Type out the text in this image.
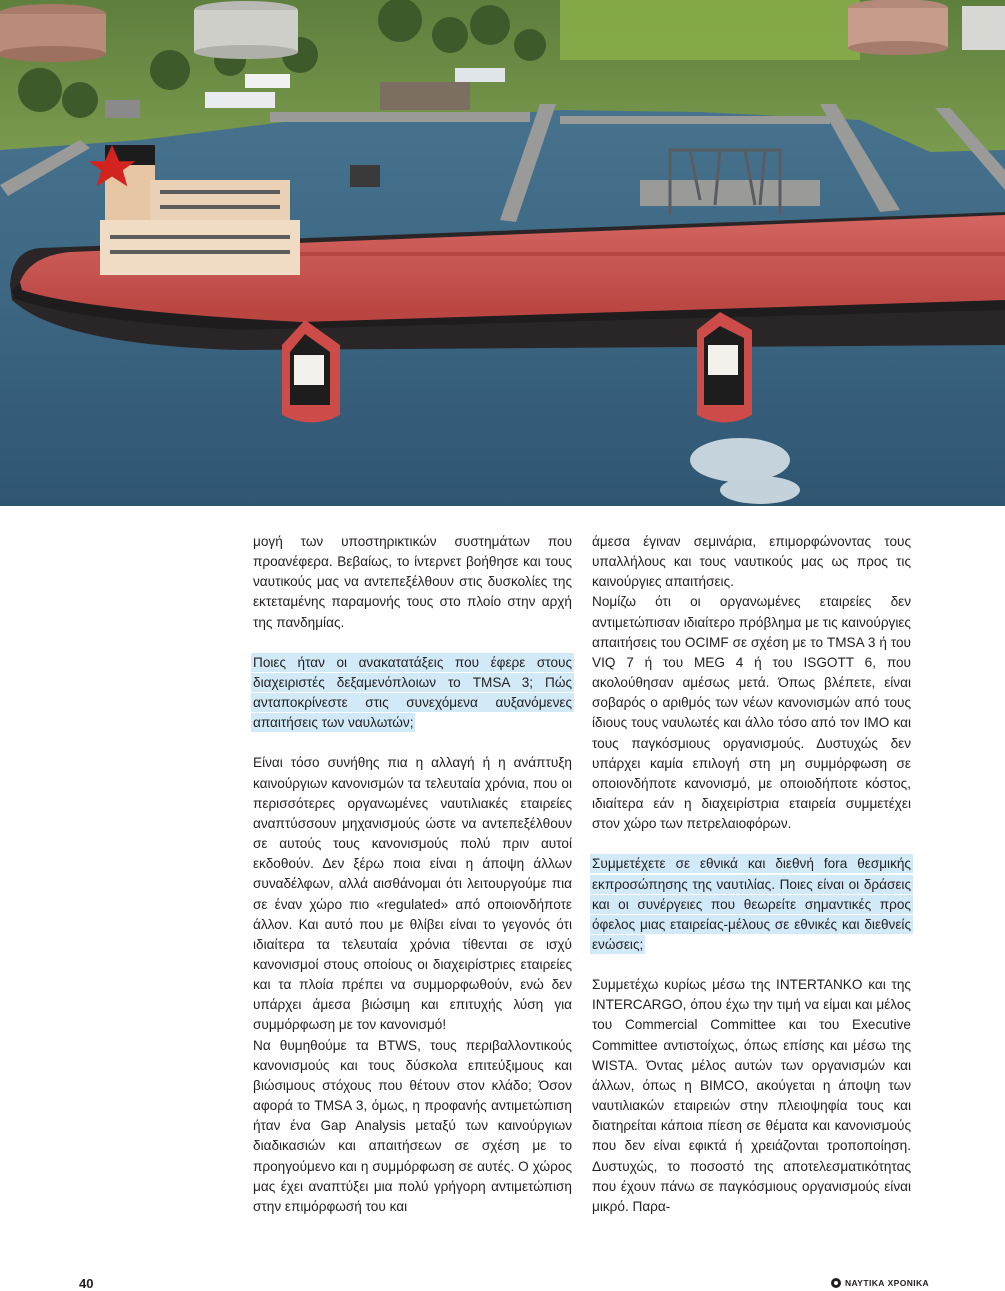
μογή των υποστηρικτικών συστημάτων που προανέφερα. Βεβαίως, το ίντερνετ βοήθησε και τους ναυτικούς μας να αντεπεξέλθουν στις δυσκολίες της εκτεταμένης παραμονής τους στο πλοίο στην αρχή της πανδημίας.

Ποιες ήταν οι ανακατατάξεις που έφερε στους διαχειριστές δεξαμενόπλοιων το TMSA 3; Πώς ανταποκρίνεστε στις συνεχόμενα αυξανόμενες απαιτήσεις των ναυλωτών;

Είναι τόσο συνήθης πια η αλλαγή ή η ανάπτυξη καινούργιων κανονισμών τα τελευταία χρόνια, που οι περισσότερες οργανωμένες ναυτιλιακές εταιρείες αναπτύσσουν μηχανισμούς ώστε να αντεπεξέλθουν σε αυτούς τους κανονισμούς πολύ πριν αυτοί εκδοθούν. Δεν ξέρω ποια είναι η άποψη άλλων συναδέλφων, αλλά αισθάνομαι ότι λειτουργούμε πια σε έναν χώρο πιο «regulated» από οποιονδήποτε άλλον. Και αυτό που με θλίβει είναι το γεγονός ότι ιδιαίτερα τα τελευταία χρόνια τίθενται σε ισχύ κανονισμοί στους οποίους οι διαχειρίστριες εταιρείες και τα πλοία πρέπει να συμμορφωθούν, ενώ δεν υπάρχει άμεσα βιώσιμη και επιτυχής λύση για συμμόρφωση με τον κανονισμό!

Να θυμηθούμε τα BTWS, τους περιβαλλοντικούς κανονισμούς και τους δύσκολα επιτεύξιμους και βιώσιμους στόχους που θέτουν στον κλάδο; Όσον αφορά το TMSA 3, όμως, η προφανής αντιμετώπιση ήταν ένα Gap Analysis μεταξύ των καινούργιων διαδικασιών και απαιτήσεων σε σχέση με το προηγούμενο και η συμμόρφωση σε αυτές. Ο χώρος μας έχει αναπτύξει μια πολύ γρήγορη αντιμετώπιση στην επιμόρφωσή του και

άμεσα έγιναν σεμινάρια, επιμορφώνοντας τους υπαλλήλους και τους ναυτικούς μας ως προς τις καινούργιες απαιτήσεις.

Νομίζω ότι οι οργανωμένες εταιρείες δεν αντιμετώπισαν ιδιαίτερο πρόβλημα με τις καινούργιες απαιτήσεις του OCIMF σε σχέση με το TMSA 3 ή του VIQ 7 ή του MEG 4 ή του ISGOTT 6, που ακολούθησαν αμέσως μετά. Όπως βλέπετε, είναι σοβαρός ο αριθμός των νέων κανονισμών από τους ίδιους τους ναυλωτές και άλλο τόσο από τον ΙΜΟ και τους παγκόσμιους οργανισμούς. Δυστυχώς δεν υπάρχει καμία επιλογή στη μη συμμόρφωση σε οποιονδήποτε κανονισμό, με οποιοδήποτε κόστος, ιδιαίτερα εάν η διαχειρίστρια εταιρεία συμμετέχει στον χώρο των πετρελαιοφόρων.

Συμμετέχετε σε εθνικά και διεθνή fora θεσμικής εκπροσώπησης της ναυτιλίας. Ποιες είναι οι δράσεις και οι συνέργειες που θεωρείτε σημαντικές προς όφελος μιας εταιρείας-μέλους σε εθνικές και διεθνείς ενώσεις;

Συμμετέχω κυρίως μέσω της INTERTANKO και της INTERCARGO, όπου έχω την τιμή να είμαι και μέλος του Commercial Committee και του Executive Committee αντιστοίχως, όπως επίσης και μέσω της WISTA. Όντας μέλος αυτών των οργανισμών και άλλων, όπως η BIMCO, ακούγεται η άποψη των ναυτιλιακών εταιρειών στην πλειοψηφία τους και διατηρείται κάποια πίεση σε θέματα και κανονισμούς που δεν είναι εφικτά ή χρειάζονται τροποποίηση. Δυστυχώς, το ποσοστό της αποτελεσματικότητας που έχουν πάνω σε παγκόσμιους οργανισμούς είναι μικρό. Παρα-

40	ΝΑΥΤΙΚΑ ΧΡΟΝΙΚΑ
